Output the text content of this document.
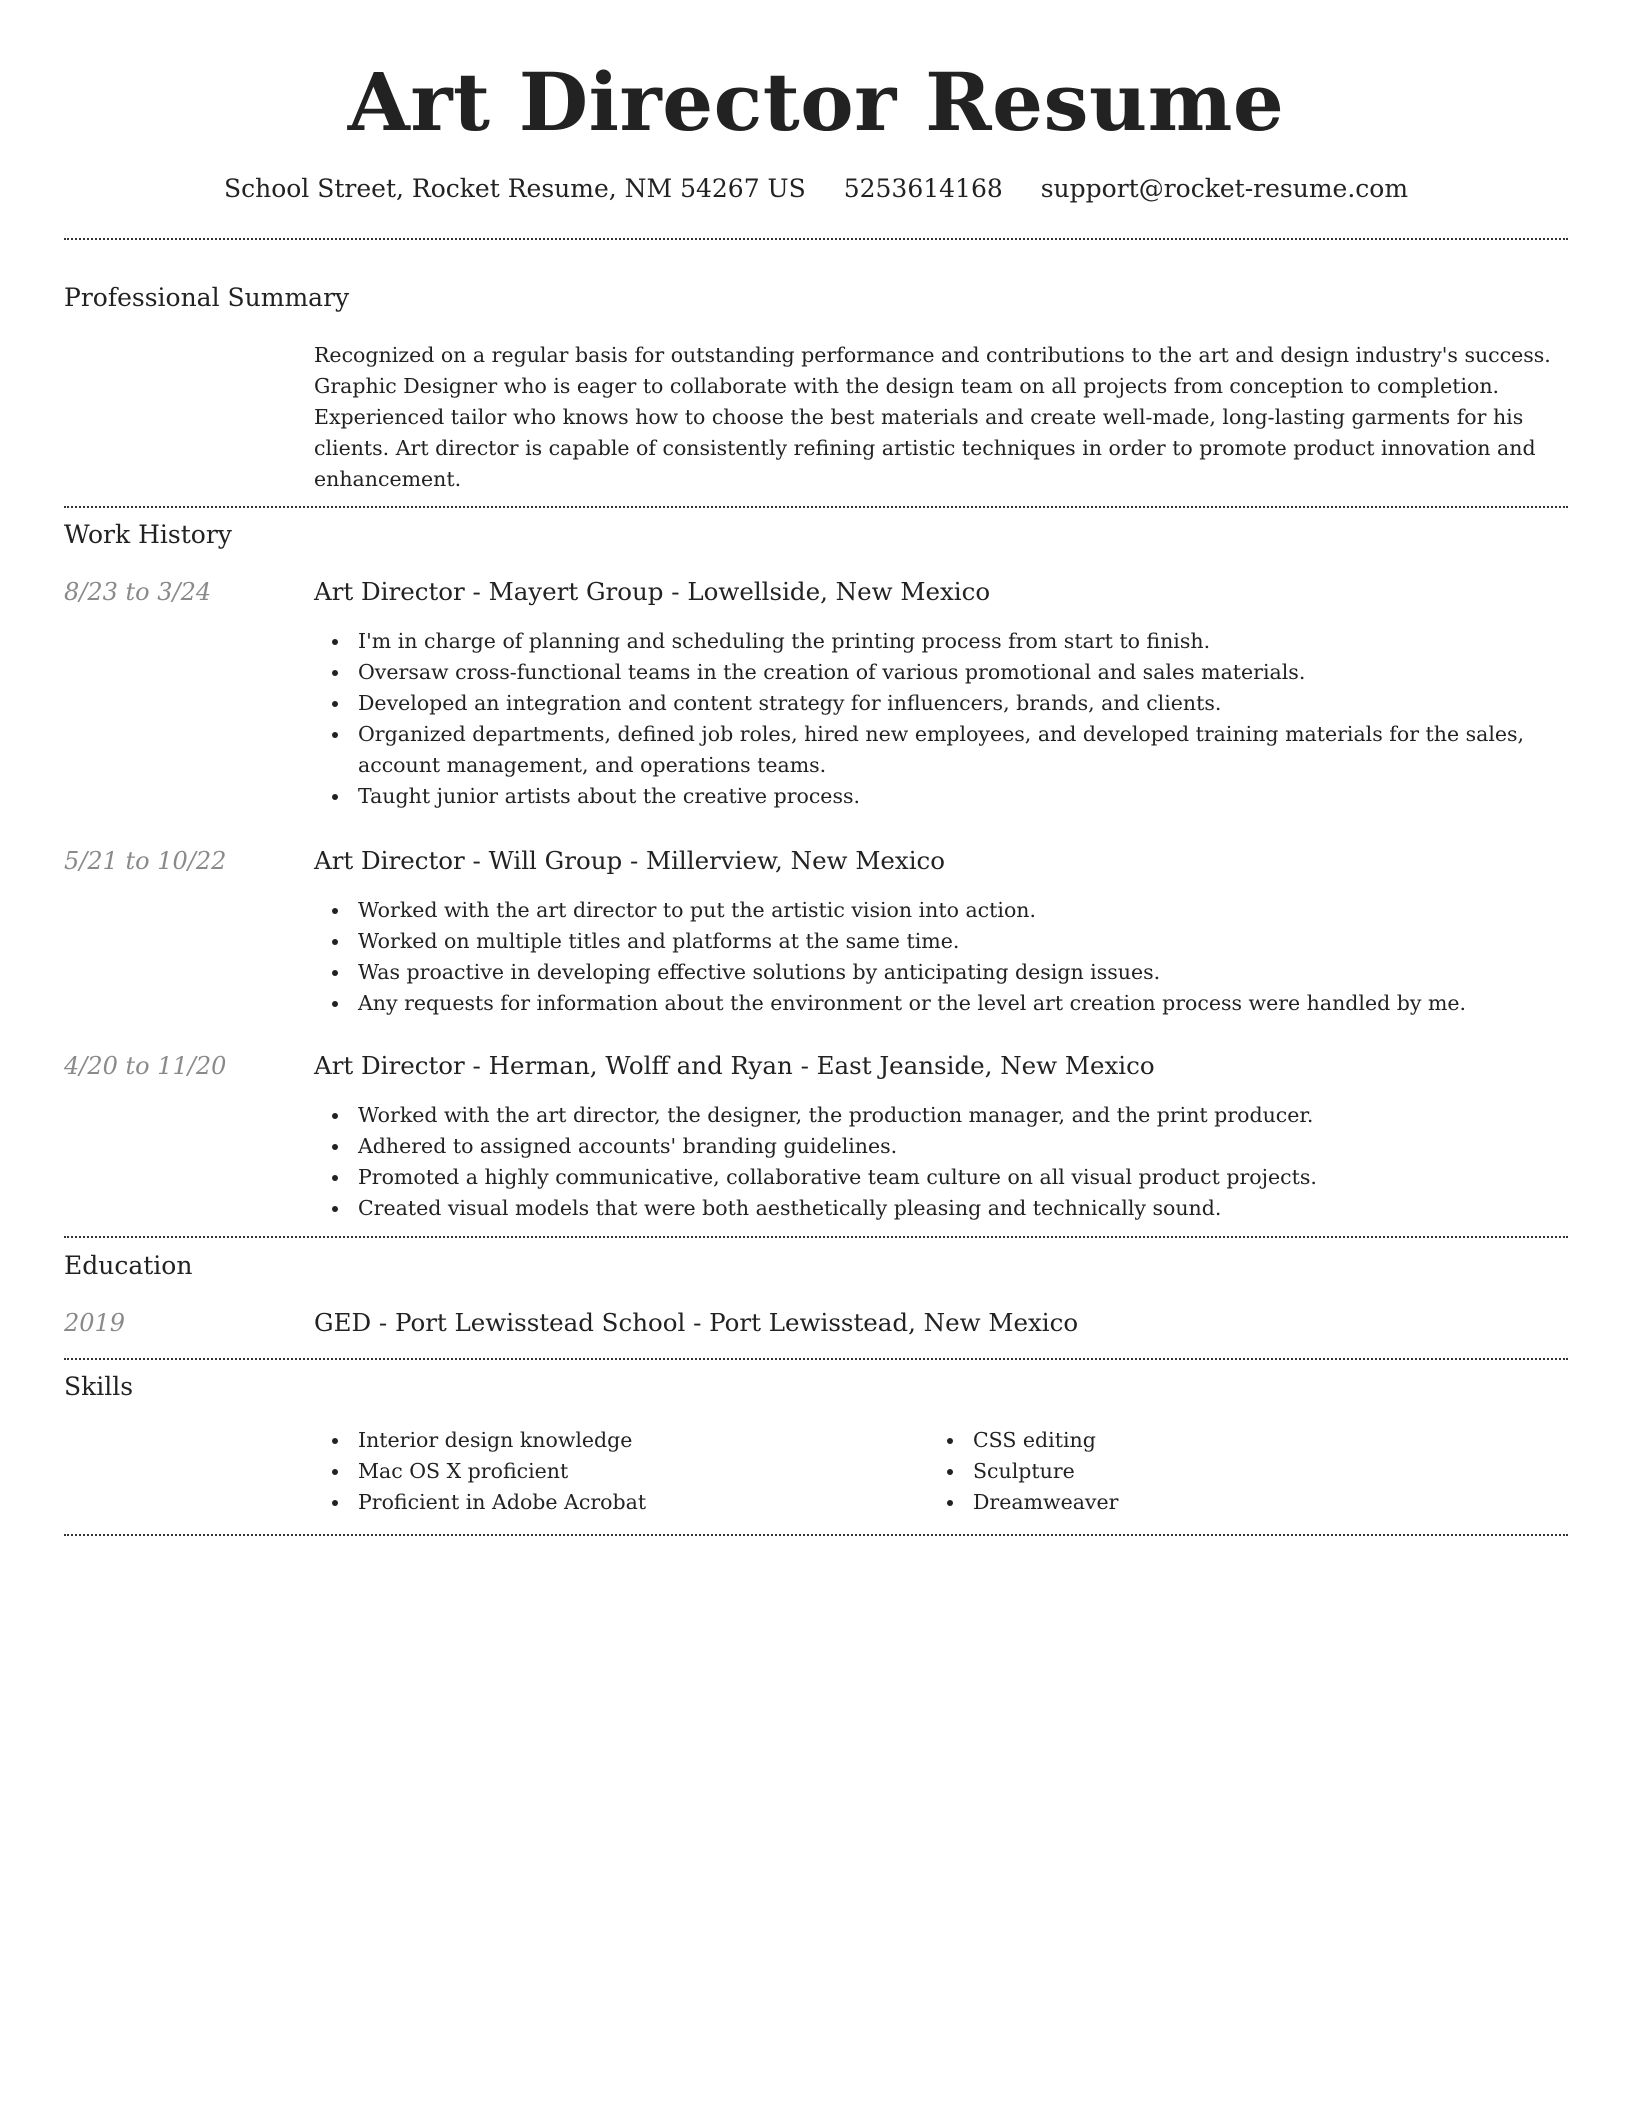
Art Director Resume
School Street, Rocket Resume, NM 54267 US 5253614168 support@rocket-resume.com
Professional Summary

Recognized on a regular basis for outstanding performance and contributions to the art and design industry's success. Graphic Designer who is eager to collaborate with the design team on all projects from conception to completion. Experienced tailor who knows how to choose the best materials and create well-made, long-lasting garments for his clients. Art director is capable of consistently refining artistic techniques in order to promote product innovation and enhancement.

Work History
8/23 to 3/24	Art Director - Mayert Group - Lowellside, New Mexico
I'm in charge of planning and scheduling the printing process from start to finish.
Oversaw cross-functional teams in the creation of various promotional and sales materials.
Developed an integration and content strategy for influencers, brands, and clients.
Organized departments, defined job roles, hired new employees, and developed training materials for the sales, account management, and operations teams.
Taught junior artists about the creative process.
5/21 to 10/22	Art Director - Will Group - Millerview, New Mexico
Worked with the art director to put the artistic vision into action.
Worked on multiple titles and platforms at the same time.
Was proactive in developing effective solutions by anticipating design issues.
Any requests for information about the environment or the level art creation process were handled by me.
4/20 to 11/20	Art Director - Herman, Wolff and Ryan - East Jeanside, New Mexico
Worked with the art director, the designer, the production manager, and the print producer.
Adhered to assigned accounts' branding guidelines.
Promoted a highly communicative, collaborative team culture on all visual product projects.
Created visual models that were both aesthetically pleasing and technically sound.
Education
2019	GED - Port Lewisstead School - Port Lewisstead, New Mexico
Skills
Interior design knowledge
Mac OS X proficient
Proficient in Adobe Acrobat
CSS editing
Sculpture
Dreamweaver
